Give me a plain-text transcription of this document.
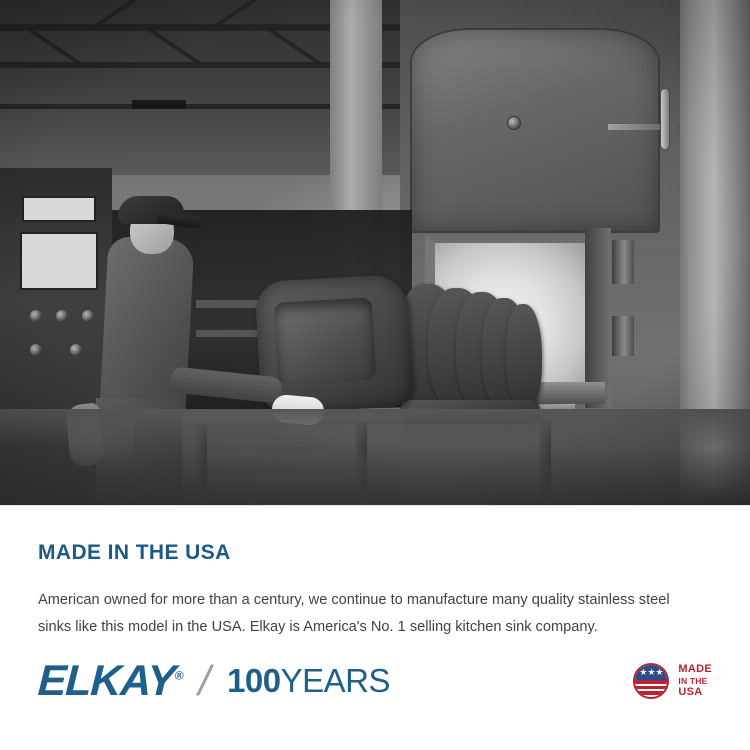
MADE IN THE USA

American owned for more than a century, we continue to manufacture many quality stainless steel sinks like this model in the USA. Elkay is America's No. 1 selling kitchen sink company.

ELKAY® / 100YEARS	★★★ MADE
IN THE
USA
